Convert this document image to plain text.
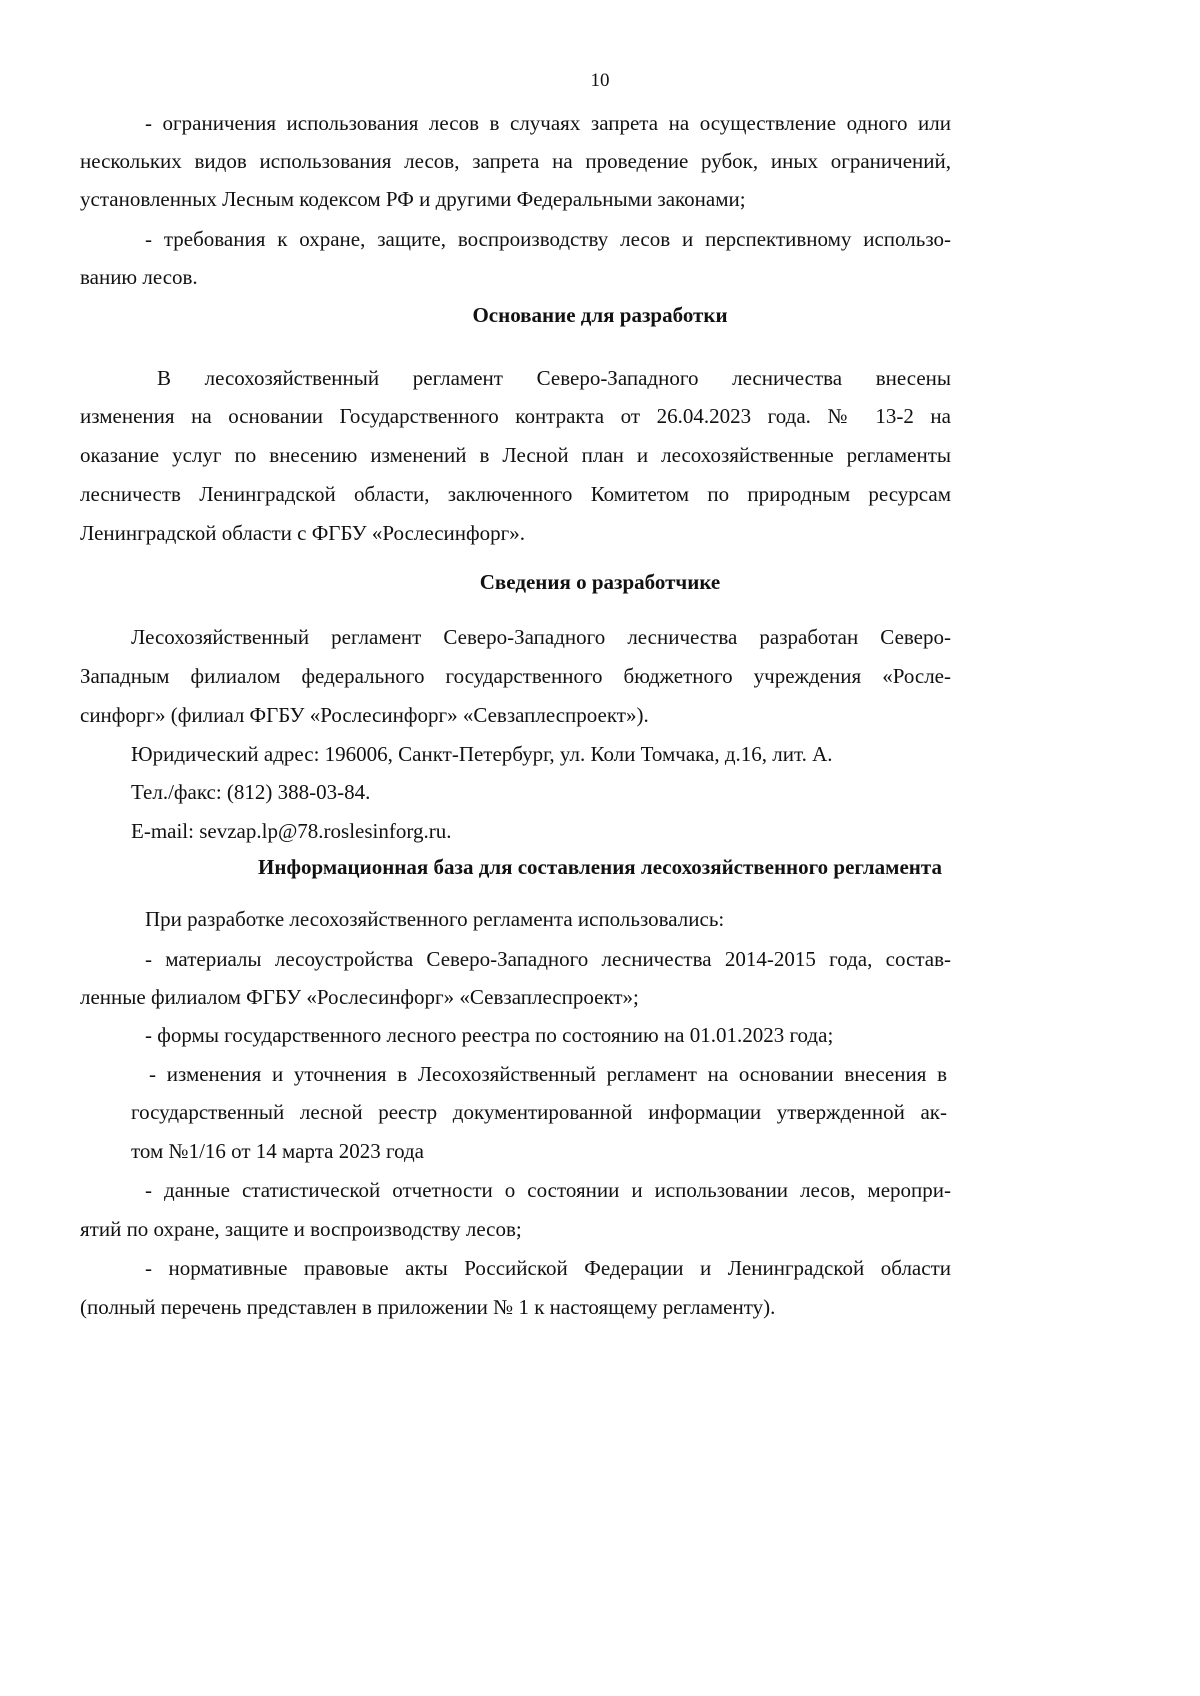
10
- ограничения использования лесов в случаях запрета на осуществление одного или
нескольких видов использования лесов, запрета на проведение рубок, иных ограничений,
установленных Лесным кодексом РФ и другими Федеральными законами;
- требования к охране, защите, воспроизводству лесов и перспективному использо-
ванию лесов.
Основание для разработки
В лесохозяйственный регламент Северо-Западного лесничества внесены
изменения на основании Государственного контракта от 26.04.2023 года. № 13-2 на
оказание услуг по внесению изменений в Лесной план и лесохозяйственные регламенты
лесничеств Ленинградской области, заключенного Комитетом по природным ресурсам
Ленинградской области с ФГБУ «Рослесинфорг».
Сведения о разработчике
Лесохозяйственный регламент Северо-Западного лесничества разработан Северо-
Западным филиалом федерального государственного бюджетного учреждения «Росле-
синфорг» (филиал ФГБУ «Рослесинфорг» «Севзаплеспроект»).
Юридический адрес: 196006, Санкт-Петербург, ул. Коли Томчака, д.16, лит. А.
Тел./факс: (812) 388-03-84.
E-mail: sevzap.lp@78.roslesinforg.ru.
Информационная база для составления лесохозяйственного регламента
При разработке лесохозяйственного регламента использовались:
- материалы лесоустройства Северо-Западного лесничества 2014-2015 года, состав-
ленные филиалом ФГБУ «Рослесинфорг» «Севзаплеспроект»;
- формы государственного лесного реестра по состоянию на 01.01.2023 года;
- изменения и уточнения в Лесохозяйственный регламент на основании внесения в
государственный лесной реестр документированной информации утвержденной ак-
том №1/16 от 14 марта 2023 года
- данные статистической отчетности о состоянии и использовании лесов, меропри-
ятий по охране, защите и воспроизводству лесов;
- нормативные правовые акты Российской Федерации и Ленинградской области
(полный перечень представлен в приложении № 1 к настоящему регламенту).
